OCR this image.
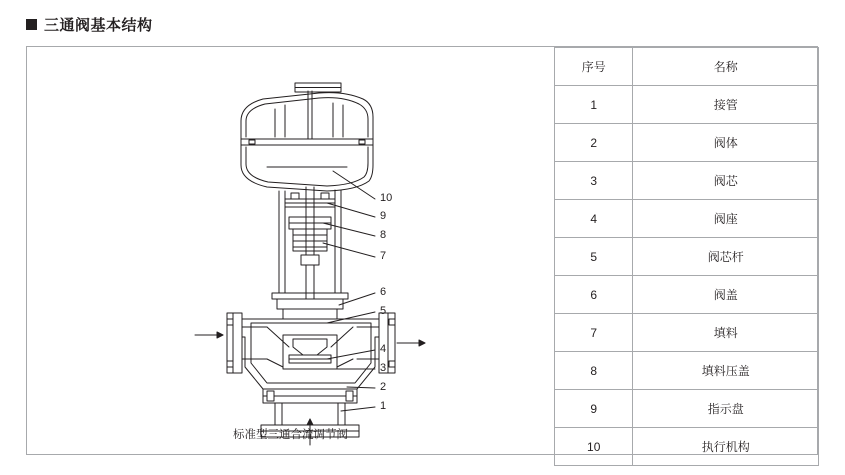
三通阀基本结构
10
9
8
7
6
5
4
3
2
1
标准型三通合流调节阀
序号	名称
1	接管
2	阀体
3	阀芯
4	阀座
5	阀芯杆
6	阀盖
7	填料
8	填料压盖
9	指示盘
10	执行机构
